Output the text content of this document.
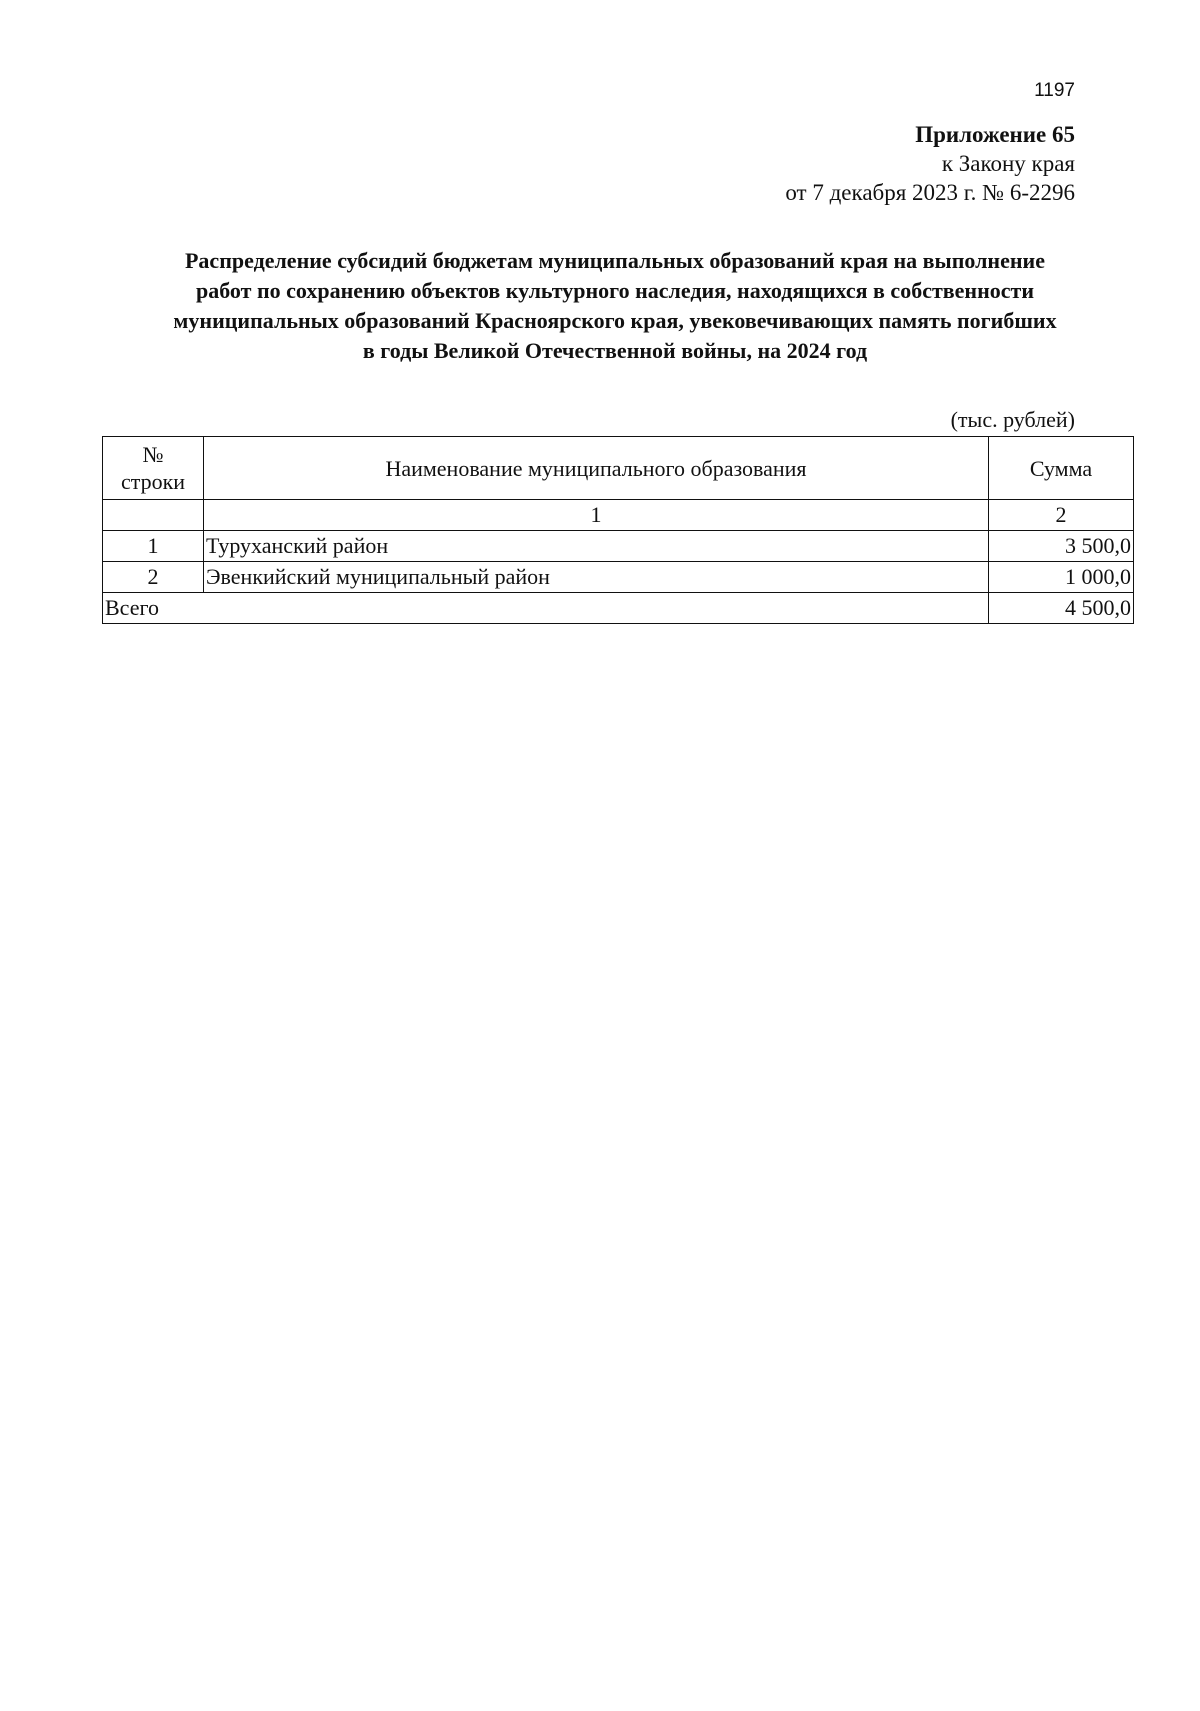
1197
Приложение 65
к Закону края
от 7 декабря 2023 г. № 6-2296
Распределение субсидий бюджетам муниципальных образований края на выполнение
работ по сохранению объектов культурного наследия, находящихся в собственности
муниципальных образований Красноярского края, увековечивающих память погибших
в годы Великой Отечественной войны, на 2024 год
(тыс. рублей)
№
строки	Наименование муниципального образования	Сумма
	1	2
1	Туруханский район	3 500,0
2	Эвенкийский муниципальный район	1 000,0
Всего		4 500,0
